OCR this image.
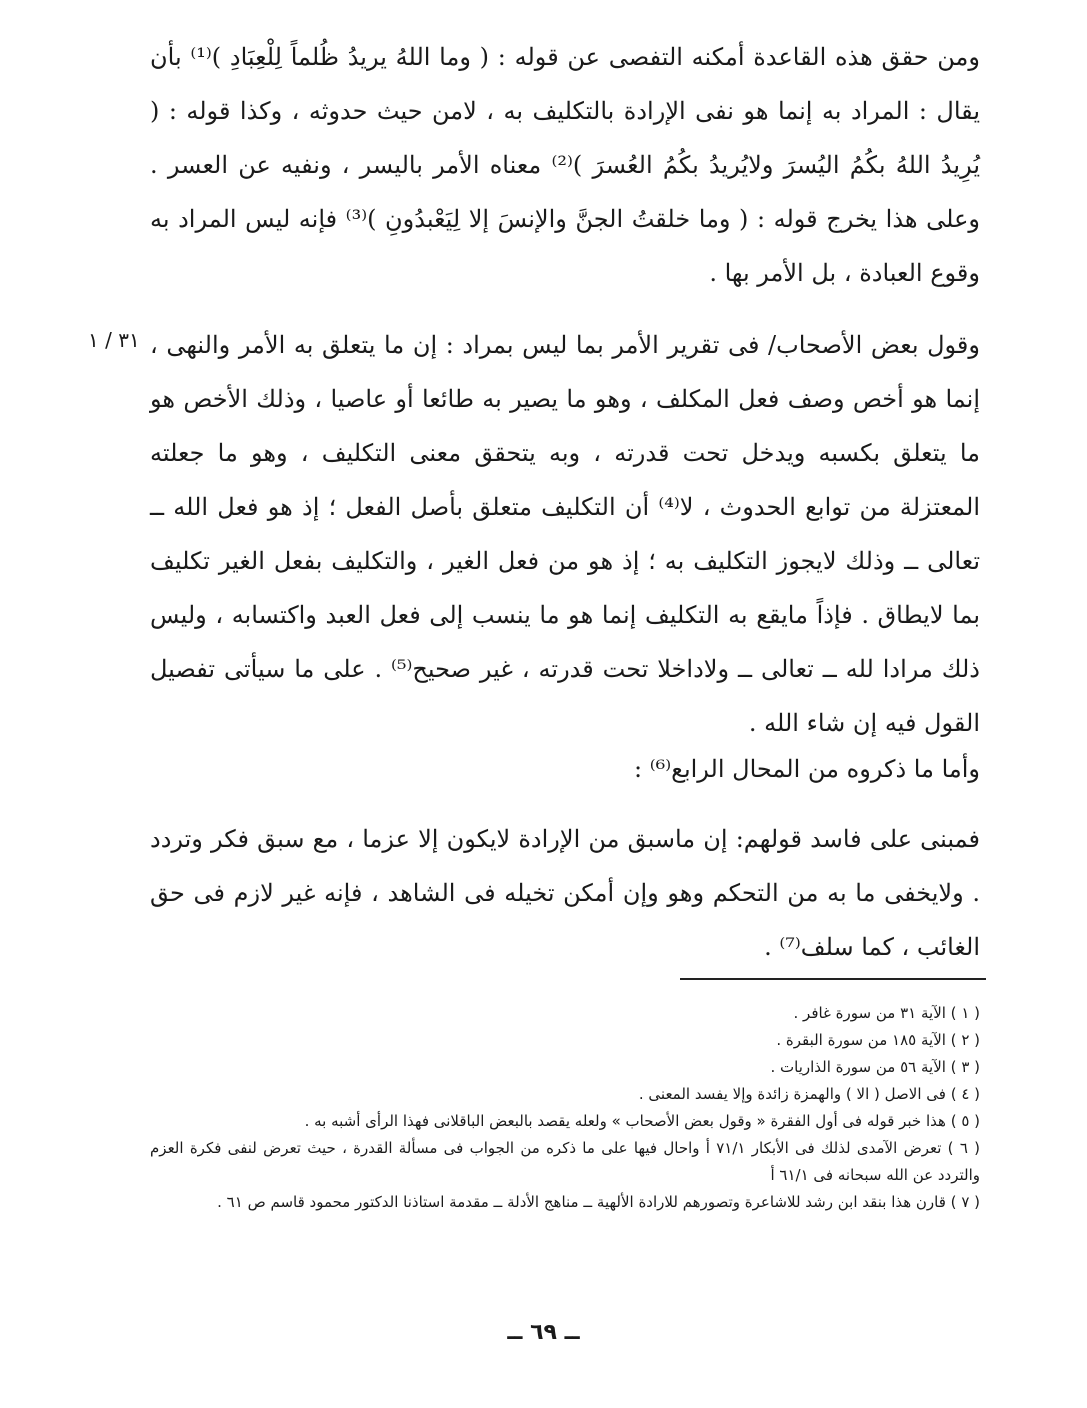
ومن حقق هذه القاعدة أمكنه التفصى عن قوله : ( وما اللهُ يريدُ ظُلماً لِلْعِبَادِ )⁽¹⁾ بأن يقال : المراد به إنما هو نفى الإرادة بالتكليف به ، لامن حيث حدوثه ، وكذا قوله : ( يُرِيدُ اللهُ بكُمُ اليُسرَ ولايُريدُ بكُمُ العُسرَ )⁽²⁾ معناه الأمر باليسر ، ونفيه عن العسر . وعلى هذا يخرج قوله : ( وما خلقتُ الجنَّ والإنسَ إلا لِيَعْبدُونِ )⁽³⁾ فإنه ليس المراد به وقوع العبادة ، بل الأمر بها .

٣١ / ١ وقول بعض الأصحاب/ فى تقرير الأمر بما ليس بمراد : إن ما يتعلق به الأمر والنهى ، إنما هو أخص وصف فعل المكلف ، وهو ما يصير به طائعا أو عاصيا ، وذلك الأخص هو ما يتعلق بكسبه ويدخل تحت قدرته ، وبه يتحقق معنى التكليف ، وهو ما جعلته المعتزلة من توابع الحدوث ، لا⁽⁴⁾ أن التكليف متعلق بأصل الفعل ؛ إذ هو فعل الله ــ تعالى ــ وذلك لايجوز التكليف به ؛ إذ هو من فعل الغير ، والتكليف بفعل الغير تكليف بما لايطاق . فإذاً مايقع به التكليف إنما هو ما ينسب إلى فعل العبد واكتسابه ، وليس ذلك مرادا لله ــ تعالى ــ ولاداخلا تحت قدرته ، غير صحيح⁽⁵⁾ . على ما سيأتى تفصيل القول فيه إن شاء الله .

وأما ما ذكروه من المحال الرابع⁽⁶⁾ :

فمبنى على فاسد قولهم: إن ماسبق من الإرادة لايكون إلا عزما ، مع سبق فكر وتردد . ولايخفى ما به من التحكم وهو وإن أمكن تخيله فى الشاهد ، فإنه غير لازم فى حق الغائب ، كما سلف⁽⁷⁾ .

( ١ ) الآية ٣١ من سورة غافر .

( ٢ ) الآية ١٨٥ من سورة البقرة .

( ٣ ) الآية ٥٦ من سورة الذاريات .

( ٤ ) فى الاصل ( الا ) والهمزة زائدة وإلا يفسد المعنى .

( ٥ ) هذا خبر قوله فى أول الفقرة « وقول بعض الأصحاب » ولعله يقصد بالبعض الباقلانى فهذا الرأى أشبه به .

( ٦ ) تعرض الآمدى لذلك فى الأبكار ٧١/١ أ واحال فيها على ما ذكره من الجواب فى مسألة القدرة ، حيث تعرض لنفى فكرة العزم والتردد عن الله سبحانه فى ٦١/١ أ

( ٧ ) قارن هذا بنقد ابن رشد للاشاعرة وتصورهم للارادة الألهية ــ مناهج الأدلة ــ مقدمة استاذنا الدكتور محمود قاسم ص ٦١ .

ــ ٦٩ ــ
